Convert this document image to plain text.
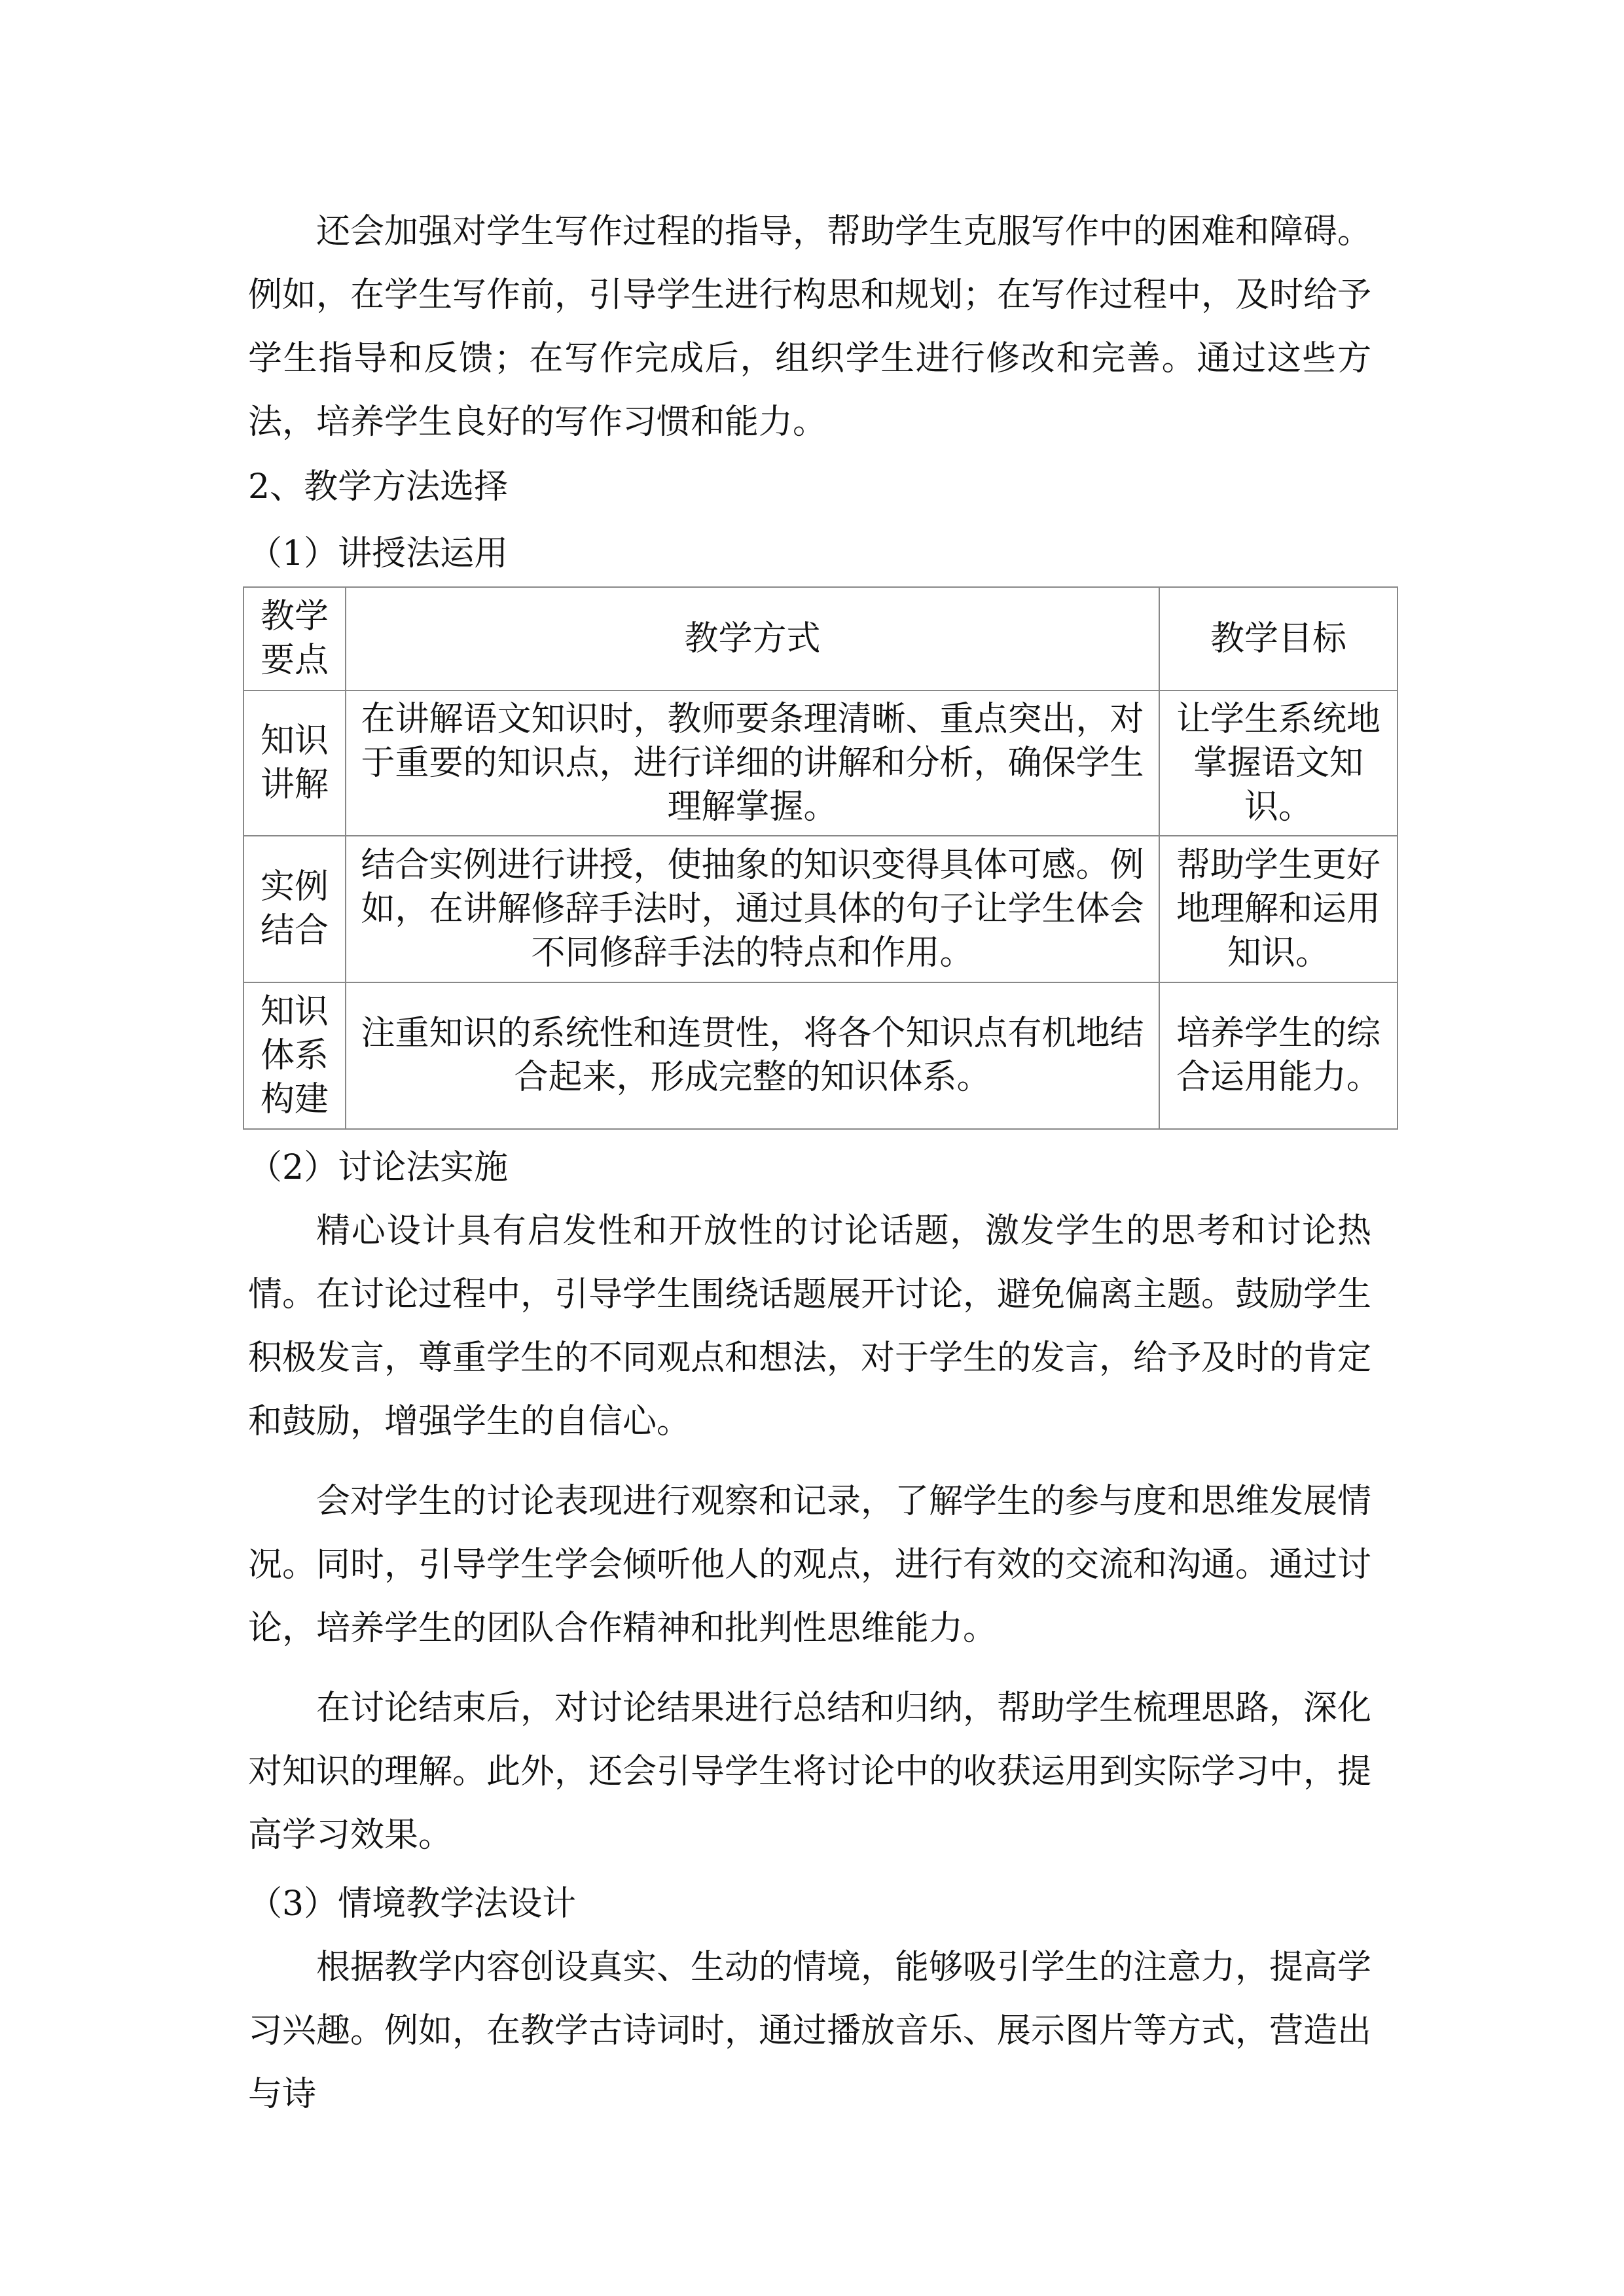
还会加强对学生写作过程的指导，帮助学生克服写作中的困难和障碍。例如，在学生写作前，引导学生进行构思和规划；在写作过程中，及时给予学生指导和反馈；在写作完成后，组织学生进行修改和完善。通过这些方法，培养学生良好的写作习惯和能力。

2、教学方法选择

（1）讲授法运用

教学要点	教学方式	教学目标
知识讲解	在讲解语文知识时，教师要条理清晰、重点突出，对于重要的知识点，进行详细的讲解和分析，确保学生理解掌握。	让学生系统地掌握语文知识。
实例结合	结合实例进行讲授，使抽象的知识变得具体可感。例如，在讲解修辞手法时，通过具体的句子让学生体会不同修辞手法的特点和作用。	帮助学生更好地理解和运用知识。
知识体系构建	注重知识的系统性和连贯性，将各个知识点有机地结合起来，形成完整的知识体系。	培养学生的综合运用能力。

（2）讨论法实施

精心设计具有启发性和开放性的讨论话题，激发学生的思考和讨论热情。在讨论过程中，引导学生围绕话题展开讨论，避免偏离主题。鼓励学生积极发言，尊重学生的不同观点和想法，对于学生的发言，给予及时的肯定和鼓励，增强学生的自信心。

会对学生的讨论表现进行观察和记录，了解学生的参与度和思维发展情况。同时，引导学生学会倾听他人的观点，进行有效的交流和沟通。通过讨论，培养学生的团队合作精神和批判性思维能力。

在讨论结束后，对讨论结果进行总结和归纳，帮助学生梳理思路，深化对知识的理解。此外，还会引导学生将讨论中的收获运用到实际学习中，提高学习效果。

（3）情境教学法设计

根据教学内容创设真实、生动的情境，能够吸引学生的注意力，提高学习兴趣。例如，在教学古诗词时，通过播放音乐、展示图片等方式，营造出与诗
